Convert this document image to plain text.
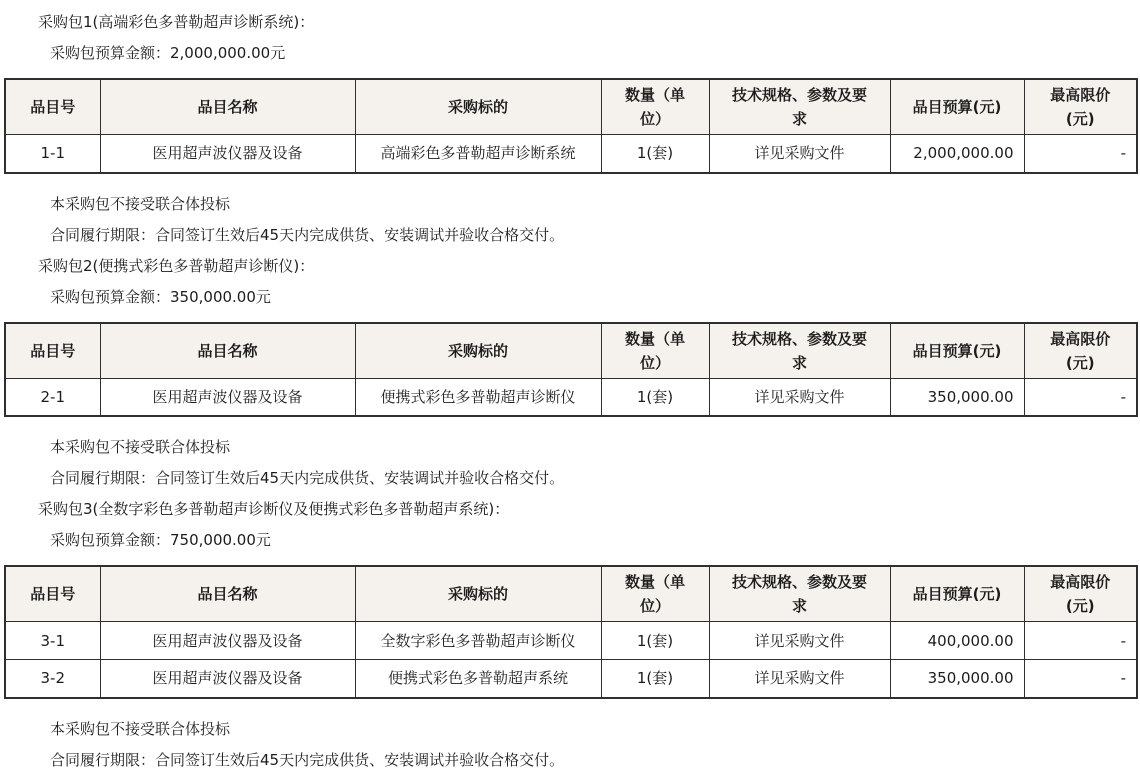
采购包1(高端彩色多普勒超声诊断系统)：

采购包预算金额：2,000,000.00元

品目号	品目名称	采购标的	数量（单位）	技术规格、参数及要求	品目预算(元)	最高限价(元)
1-1	医用超声波仪器及设备	高端彩色多普勒超声诊断系统	1(套)	详见采购文件	2,000,000.00	-

本采购包不接受联合体投标

合同履行期限：合同签订生效后45天内完成供货、安装调试并验收合格交付。

采购包2(便携式彩色多普勒超声诊断仪)：

采购包预算金额：350,000.00元

品目号	品目名称	采购标的	数量（单位）	技术规格、参数及要求	品目预算(元)	最高限价(元)
2-1	医用超声波仪器及设备	便携式彩色多普勒超声诊断仪	1(套)	详见采购文件	350,000.00	-

本采购包不接受联合体投标

合同履行期限：合同签订生效后45天内完成供货、安装调试并验收合格交付。

采购包3(全数字彩色多普勒超声诊断仪及便携式彩色多普勒超声系统)：

采购包预算金额：750,000.00元

品目号	品目名称	采购标的	数量（单位）	技术规格、参数及要求	品目预算(元)	最高限价(元)
3-1	医用超声波仪器及设备	全数字彩色多普勒超声诊断仪	1(套)	详见采购文件	400,000.00	-
3-2	医用超声波仪器及设备	便携式彩色多普勒超声系统	1(套)	详见采购文件	350,000.00	-

本采购包不接受联合体投标

合同履行期限：合同签订生效后45天内完成供货、安装调试并验收合格交付。
